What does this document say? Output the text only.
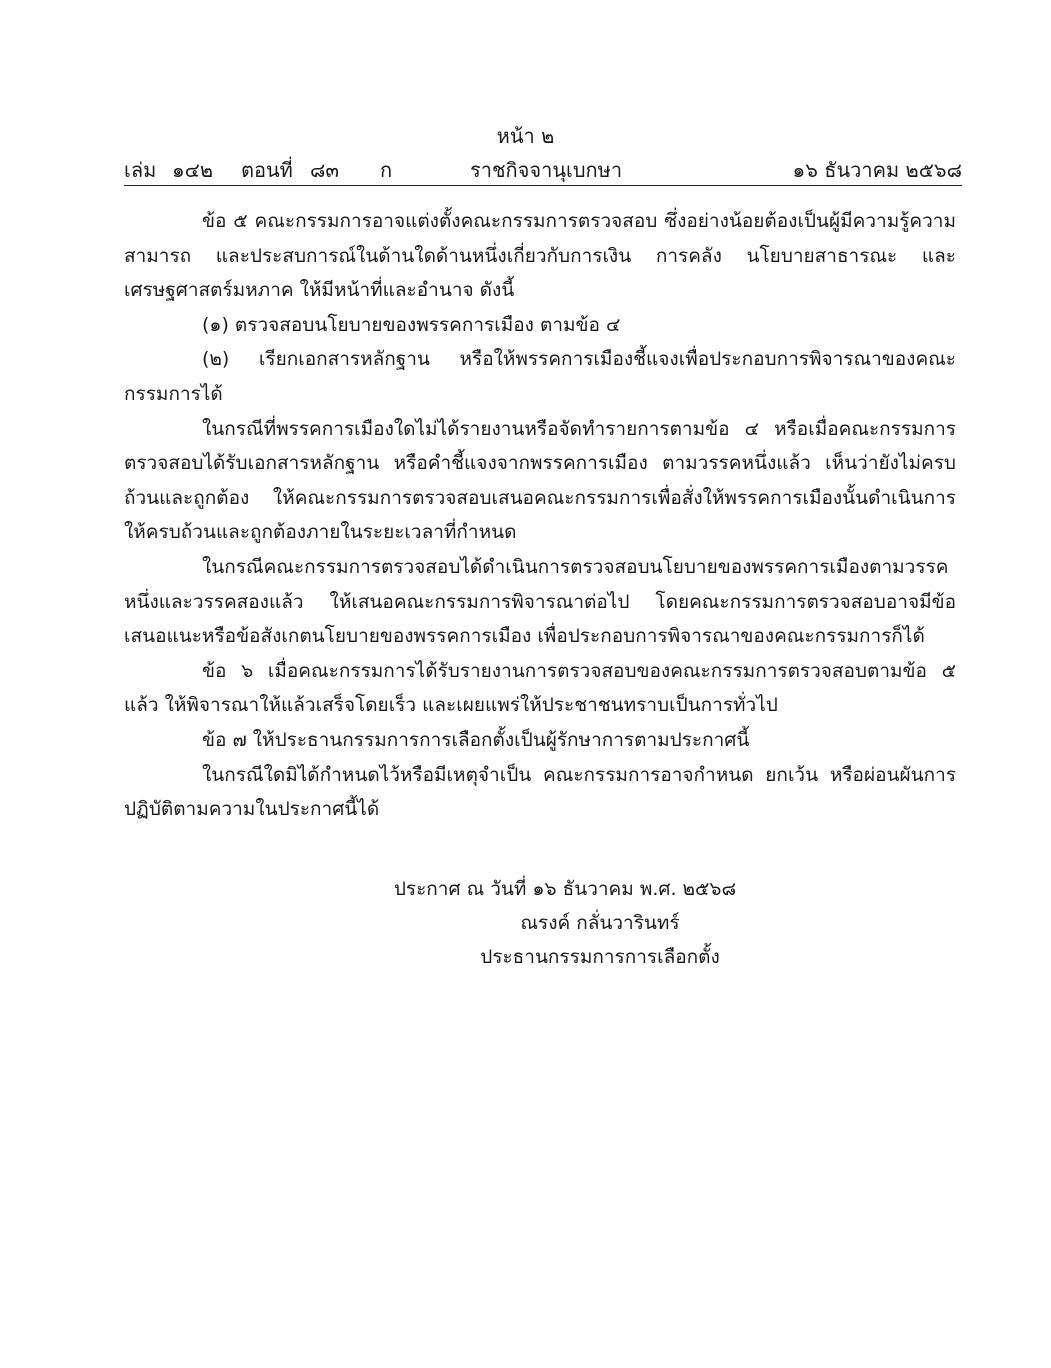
หน้า ๒
เล่ม ๑๔๒ ตอนที่ ๘๓ ก	ราชกิจจานุเบกษา	๑๖ ธันวาคม ๒๕๖๘

ข้อ ๕ คณะกรรมการอาจแต่งตั้งคณะกรรมการตรวจสอบ ซึ่งอย่างน้อยต้องเป็นผู้มีความรู้ความสามารถ และประสบการณ์ในด้านใดด้านหนึ่งเกี่ยวกับการเงิน การคลัง นโยบายสาธารณะ และเศรษฐศาสตร์มหภาค ให้มีหน้าที่และอำนาจ ดังนี้

(๑) ตรวจสอบนโยบายของพรรคการเมือง ตามข้อ ๔

(๒) เรียกเอกสารหลักฐาน หรือให้พรรคการเมืองชี้แจงเพื่อประกอบการพิจารณาของคณะกรรมการได้

ในกรณีที่พรรคการเมืองใดไม่ได้รายงานหรือจัดทำรายการตามข้อ ๔ หรือเมื่อคณะกรรมการตรวจสอบได้รับเอกสารหลักฐาน หรือคำชี้แจงจากพรรคการเมือง ตามวรรคหนึ่งแล้ว เห็นว่ายังไม่ครบถ้วนและถูกต้อง ให้คณะกรรมการตรวจสอบเสนอคณะกรรมการเพื่อสั่งให้พรรคการเมืองนั้นดำเนินการให้ครบถ้วนและถูกต้องภายในระยะเวลาที่กำหนด

ในกรณีคณะกรรมการตรวจสอบได้ดำเนินการตรวจสอบนโยบายของพรรคการเมืองตามวรรคหนึ่งและวรรคสองแล้ว ให้เสนอคณะกรรมการพิจารณาต่อไป โดยคณะกรรมการตรวจสอบอาจมีข้อเสนอแนะหรือข้อสังเกตนโยบายของพรรคการเมือง เพื่อประกอบการพิจารณาของคณะกรรมการก็ได้

ข้อ ๖ เมื่อคณะกรรมการได้รับรายงานการตรวจสอบของคณะกรรมการตรวจสอบตามข้อ ๕ แล้ว ให้พิจารณาให้แล้วเสร็จโดยเร็ว และเผยแพร่ให้ประชาชนทราบเป็นการทั่วไป

ข้อ ๗ ให้ประธานกรรมการการเลือกตั้งเป็นผู้รักษาการตามประกาศนี้

ในกรณีใดมิได้กำหนดไว้หรือมีเหตุจำเป็น คณะกรรมการอาจกำหนด ยกเว้น หรือผ่อนผันการปฏิบัติตามความในประกาศนี้ได้

ประกาศ ณ วันที่ ๑๖ ธันวาคม พ.ศ. ๒๕๖๘
ณรงค์ กลั่นวารินทร์
ประธานกรรมการการเลือกตั้ง
